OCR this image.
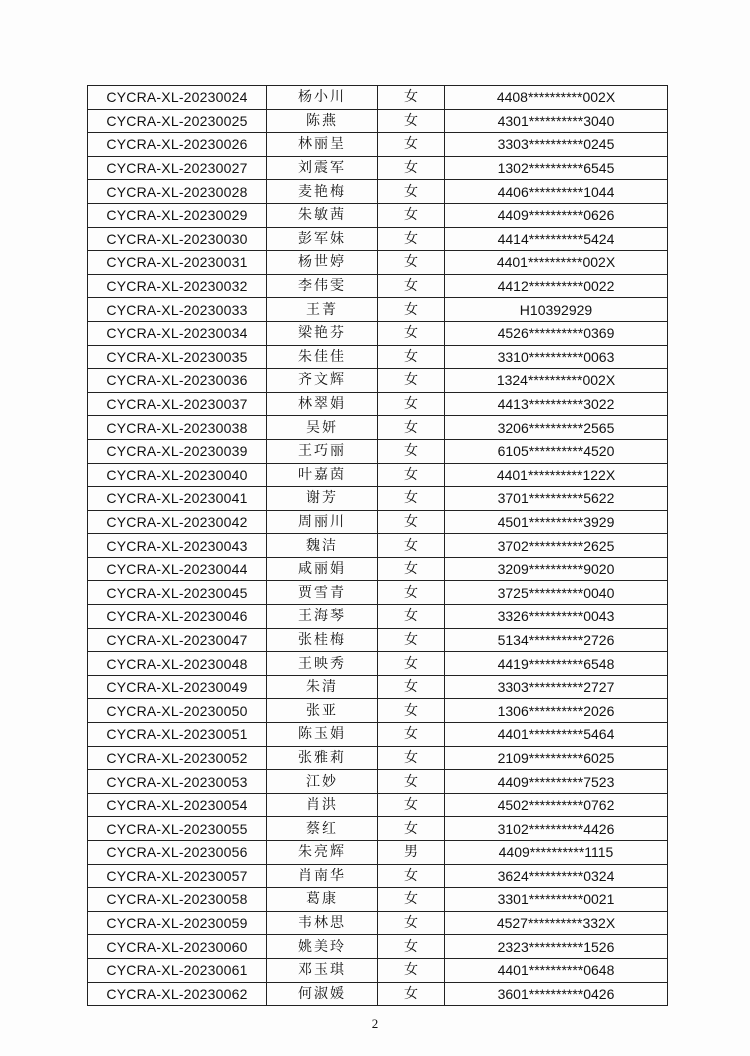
CYCRA-XL-20230024	杨小川	女	4408**********002X
CYCRA-XL-20230025	陈燕	女	4301**********3040
CYCRA-XL-20230026	林丽呈	女	3303**********0245
CYCRA-XL-20230027	刘震军	女	1302**********6545
CYCRA-XL-20230028	麦艳梅	女	4406**********1044
CYCRA-XL-20230029	朱敏茜	女	4409**********0626
CYCRA-XL-20230030	彭军妹	女	4414**********5424
CYCRA-XL-20230031	杨世婷	女	4401**********002X
CYCRA-XL-20230032	李伟雯	女	4412**********0022
CYCRA-XL-20230033	王菁	女	H10392929
CYCRA-XL-20230034	梁艳芬	女	4526**********0369
CYCRA-XL-20230035	朱佳佳	女	3310**********0063
CYCRA-XL-20230036	齐文辉	女	1324**********002X
CYCRA-XL-20230037	林翠娟	女	4413**********3022
CYCRA-XL-20230038	吴妍	女	3206**********2565
CYCRA-XL-20230039	王巧丽	女	6105**********4520
CYCRA-XL-20230040	叶嘉茵	女	4401**********122X
CYCRA-XL-20230041	谢芳	女	3701**********5622
CYCRA-XL-20230042	周丽川	女	4501**********3929
CYCRA-XL-20230043	魏洁	女	3702**********2625
CYCRA-XL-20230044	咸丽娟	女	3209**********9020
CYCRA-XL-20230045	贾雪青	女	3725**********0040
CYCRA-XL-20230046	王海琴	女	3326**********0043
CYCRA-XL-20230047	张桂梅	女	5134**********2726
CYCRA-XL-20230048	王映秀	女	4419**********6548
CYCRA-XL-20230049	朱清	女	3303**********2727
CYCRA-XL-20230050	张亚	女	1306**********2026
CYCRA-XL-20230051	陈玉娟	女	4401**********5464
CYCRA-XL-20230052	张雅莉	女	2109**********6025
CYCRA-XL-20230053	江妙	女	4409**********7523
CYCRA-XL-20230054	肖洪	女	4502**********0762
CYCRA-XL-20230055	蔡红	女	3102**********4426
CYCRA-XL-20230056	朱亮辉	男	4409**********1115
CYCRA-XL-20230057	肖南华	女	3624**********0324
CYCRA-XL-20230058	葛康	女	3301**********0021
CYCRA-XL-20230059	韦林思	女	4527**********332X
CYCRA-XL-20230060	姚美玲	女	2323**********1526
CYCRA-XL-20230061	邓玉琪	女	4401**********0648
CYCRA-XL-20230062	何淑媛	女	3601**********0426
2
